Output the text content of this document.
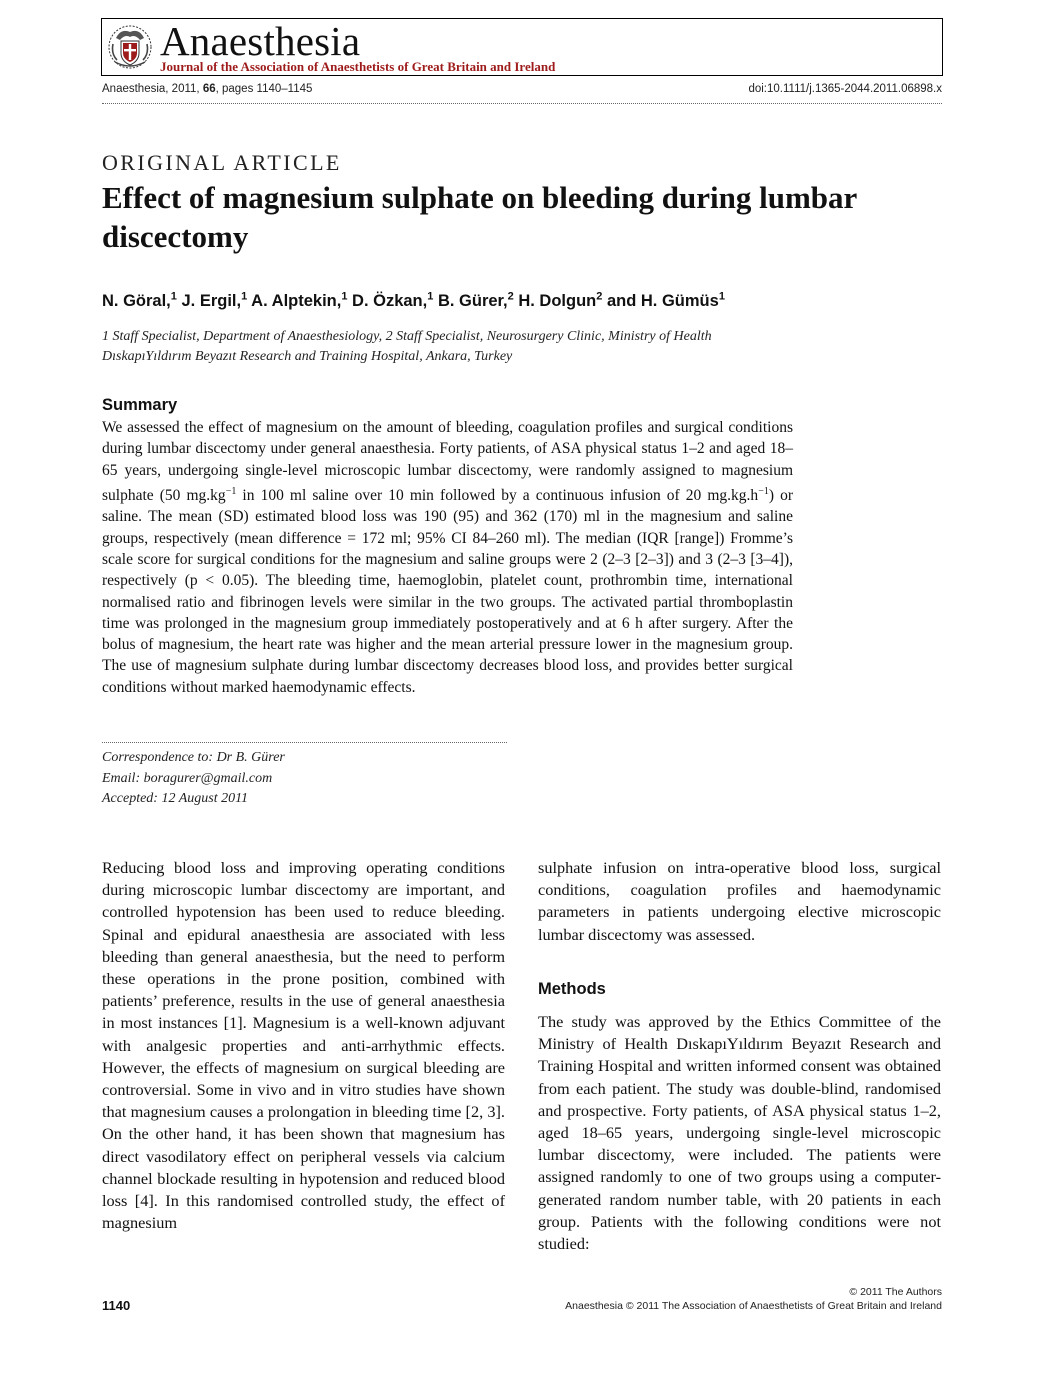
Anaesthesia
Journal of the Association of Anaesthetists of Great Britain and Ireland
Anaesthesia, 2011, 66, pages 1140–1145	doi:10.1111/j.1365-2044.2011.06898.x
ORIGINAL ARTICLE
Effect of magnesium sulphate on bleeding during lumbar discectomy
N. Göral,$^1$ J. Ergil,$^1$ A. Alptekin,$^1$ D. Özkan,$^1$ B. Gürer,$^2$ H. Dolgun$^2$ and H. Gümüs$^1$
1 Staff Specialist, Department of Anaesthesiology, 2 Staff Specialist, Neurosurgery Clinic, Ministry of Health
DıskapıYıldırım Beyazıt Research and Training Hospital, Ankara, Turkey
Summary
We assessed the effect of magnesium on the amount of bleeding, coagulation profiles and surgical conditions during lumbar discectomy under general anaesthesia. Forty patients, of ASA physical status 1–2 and aged 18–65 years, undergoing single-level microscopic lumbar discectomy, were randomly assigned to magnesium sulphate (50 $mg.kg^{-1}$ in 100 ml saline over 10 min followed by a continuous infusion of 20 $mg.kg.h^{-1}$) or saline. The mean (SD) estimated blood loss was 190 (95) and 362 (170) ml in the magnesium and saline groups, respectively (mean difference = 172 ml; 95% CI 84–260 ml). The median (IQR [range]) Fromme’s scale score for surgical conditions for the magnesium and saline groups were 2 (2–3 [2–3]) and 3 (2–3 [3–4]), respectively (p < 0.05). The bleeding time, haemoglobin, platelet count, prothrombin time, international normalised ratio and fibrinogen levels were similar in the two groups. The activated partial thromboplastin time was prolonged in the magnesium group immediately postoperatively and at 6 h after surgery. After the bolus of magnesium, the heart rate was higher and the mean arterial pressure lower in the magnesium group. The use of magnesium sulphate during lumbar discectomy decreases blood loss, and provides better surgical conditions without marked haemodynamic effects.
Correspondence to: Dr B. Gürer
Email: boragurer@gmail.com
Accepted: 12 August 2011
Reducing blood loss and improving operating conditions during microscopic lumbar discectomy are important, and controlled hypotension has been used to reduce bleeding. Spinal and epidural anaesthesia are associated with less bleeding than general anaesthesia, but the need to perform these operations in the prone position, combined with patients’ preference, results in the use of general anaesthesia in most instances [1]. Magnesium is a well-known adjuvant with analgesic properties and anti-arrhythmic effects. However, the effects of magnesium on surgical bleeding are controversial. Some in vivo and in vitro studies have shown that magnesium causes a prolongation in bleeding time [2, 3]. On the other hand, it has been shown that magnesium has direct vasodilatory effect on peripheral vessels via calcium channel blockade resulting in hypotension and reduced blood loss [4]. In this randomised controlled study, the effect of magnesium
sulphate infusion on intra-operative blood loss, surgical conditions, coagulation profiles and haemodynamic parameters in patients undergoing elective microscopic lumbar discectomy was assessed.
Methods
The study was approved by the Ethics Committee of the Ministry of Health DıskapıYıldırım Beyazıt Research and Training Hospital and written informed consent was obtained from each patient. The study was double-blind, randomised and prospective. Forty patients, of ASA physical status 1–2, aged 18–65 years, undergoing single-level microscopic lumbar discectomy, were included. The patients were assigned randomly to one of two groups using a computer-generated random number table, with 20 patients in each group. Patients with the following conditions were not studied:
1140
© 2011 The Authors
Anaesthesia © 2011 The Association of Anaesthetists of Great Britain and Ireland
